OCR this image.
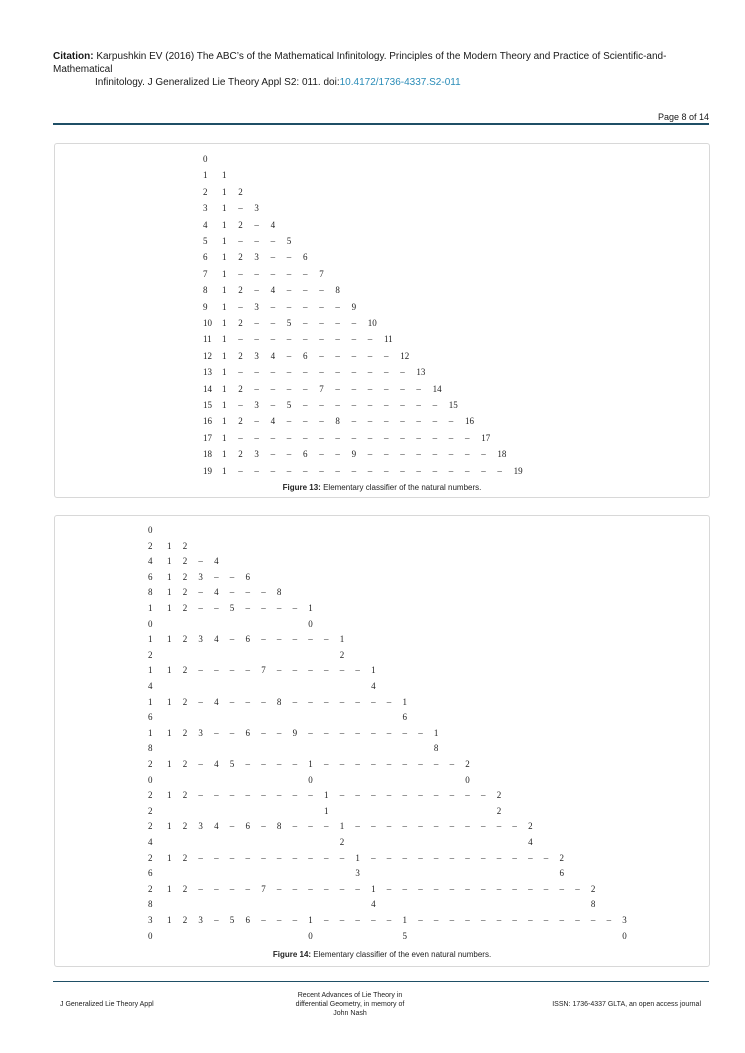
Citation: Karpushkin EV (2016) The ABC’s of the Mathematical Infinitology. Principles of the Modern Theory and Practice of Scientific-and-Mathematical
Infinitology. J Generalized Lie Theory Appl S2: 011. doi:10.4172/1736-4337.S2-011
Page 8 of 14
0
1 1
2 1 2
3 1 – 3
4 1 2 – 4
5 1 – – – 5
6 1 2 3 – – 6
7 1 – – – – – 7
8 1 2 – 4 – – – 8
9 1 – 3 – – – – – 9
10 1 2 – – 5 – – – – 10
11 1 – – – – – – – – – 11
12 1 2 3 4 – 6 – – – – – 12
13 1 – – – – – – – – – – – 13
14 1 2 – – – – 7 – – – – – – 14
15 1 – 3 – 5 – – – – – – – – – 15
16 1 2 – 4 – – – 8 – – – – – – – 16
17 1 – – – – – – – – – – – – – – – 17
18 1 2 3 – – 6 – – 9 – – – – – – – – 18
19 1 – – – – – – – – – – – – – – – – – 19
Figure 13: Elementary classifier of the natural numbers.
0
2 1 2
4 1 2 – 4
6 1 2 3 – – 6
8 1 2 – 4 – – – 8
1 1 2 – – 5 – – – – 1
0	0
1 1 2 3 4 – 6 – – – – – 1
2	2
1 1 2 – – – – 7 – – – – – – 1
4	4
1 1 2 – 4 – – – 8 – – – – – – – 1
6	6
1 1 2 3 – – 6 – – 9 – – – – – – – – 1
8	8
2 1 2 – 4 5 – – – – 1 – – – – – – – – – 2
0	0	0
2 1 2 – – – – – – – – 1 – – – – – – – – – – 2
2	1	2
2 1 2 3 4 – 6 – 8 – – – 1 – – – – – – – – – – – 2
4	2	4
2 1 2 – – – – – – – – – – 1 – – – – – – – – – – – – 2
6	3	6
2 1 2 – – – – 7 – – – – – – 1 – – – – – – – – – – – – – 2
8	4	8
3 1 2 3 – 5 6 – – – 1 – – – – – 1 – – – – – – – – – – – – – 3
0	0	5	0
Figure 14: Elementary classifier of the even natural numbers.
J Generalized Lie Theory Appl
Recent Advances of Lie Theory in
differential Geometry, in memory of
John Nash
ISSN: 1736-4337 GLTA, an open access journal
